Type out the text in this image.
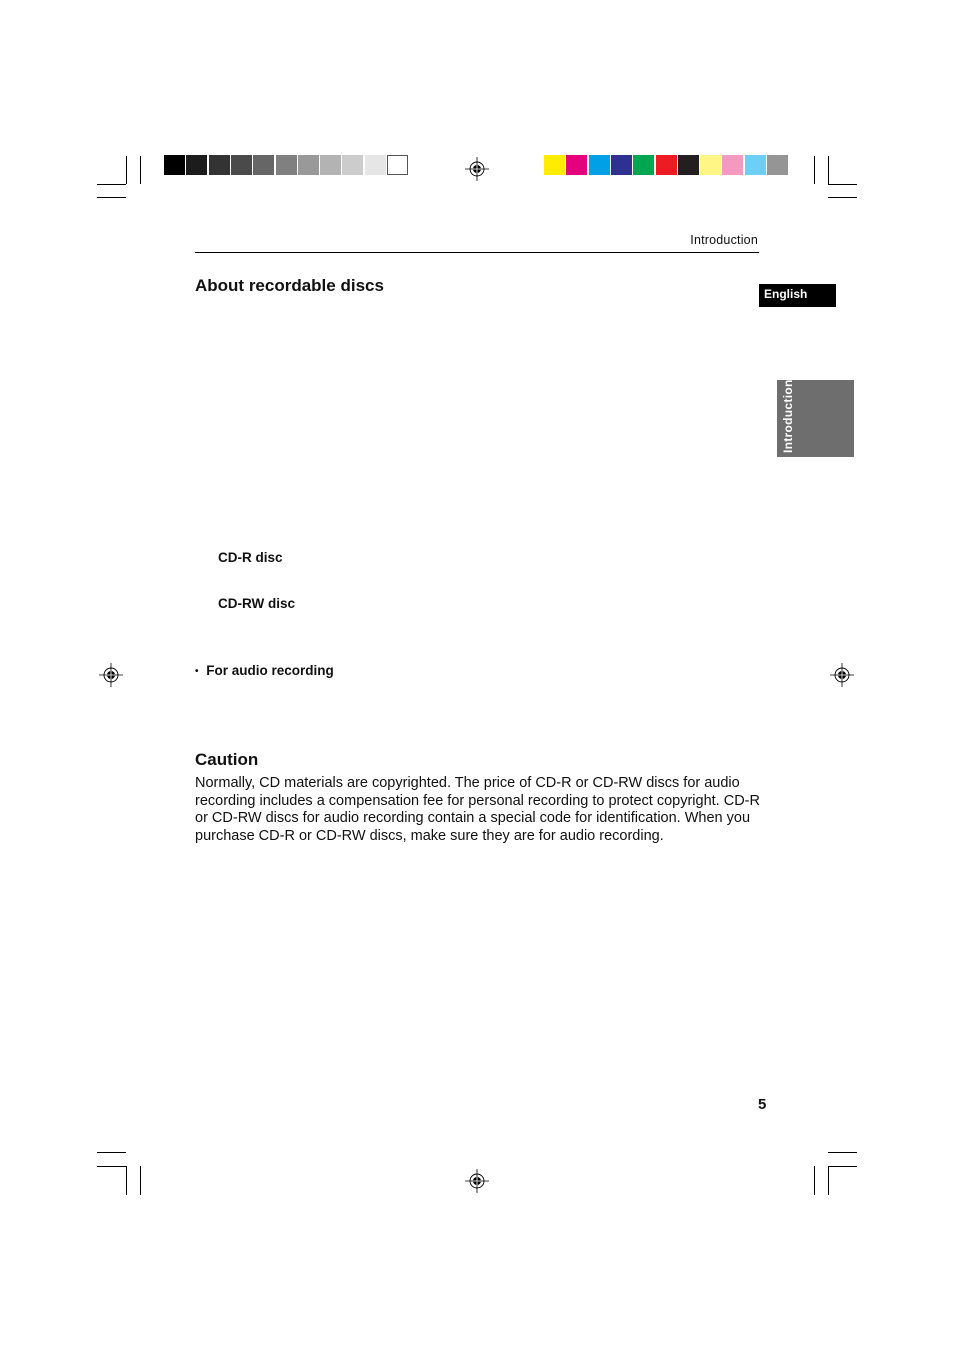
Introduction
English
Introduction
About recordable discs
CD-R disc
CD-RW disc
• For audio recording
Caution

Normally, CD materials are copyrighted. The price of CD-R or CD-RW discs for audio recording includes a compensation fee for personal recording to protect copyright. CD-R or CD-RW discs for audio recording contain a special code for identification. When you purchase CD-R or CD-RW discs, make sure they are for audio recording.

5
